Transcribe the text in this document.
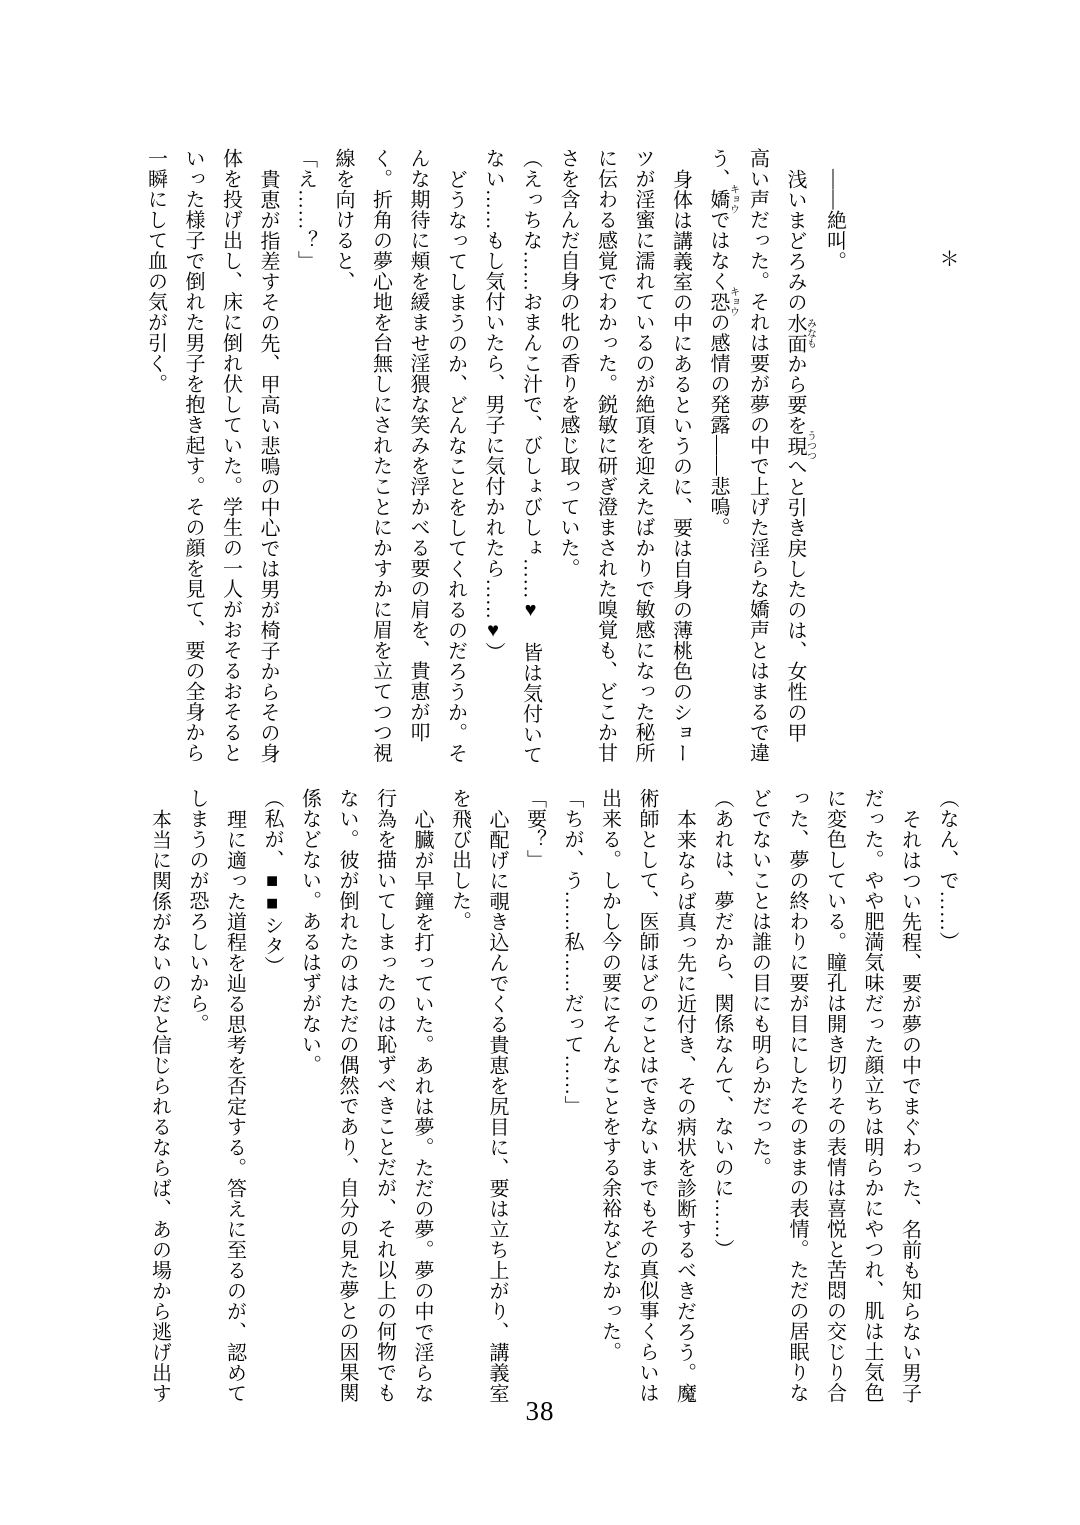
＊
——絶叫。
浅いまどろみの水面みなもから要を現うつつへと引き戻したのは、女性の甲
高い声だった。それは要が夢の中で上げた淫らな嬌声とはまるで違
う、嬌キョウではなく恐キョウの感情の発露——悲鳴。
身体は講義室の中にあるというのに、要は自身の薄桃色のショー
ツが淫蜜に濡れているのが絶頂を迎えたばかりで敏感になった秘所
に伝わる感覚でわかった。鋭敏に研ぎ澄まされた嗅覚も、どこか甘
さを含んだ自身の牝の香りを感じ取っていた。
（えっちな……おまんこ汁で、びしょびしょ……♥　皆は気付いて
ない……もし気付いたら、男子に気付かれたら……♥）
どうなってしまうのか、どんなことをしてくれるのだろうか。そ
んな期待に頬を緩ませ淫猥な笑みを浮かべる要の肩を、貴恵が叩
く。折角の夢心地を台無しにされたことにかすかに眉を立てつつ視
線を向けると、
「え……？」
貴恵が指差すその先、甲高い悲鳴の中心では男が椅子からその身
体を投げ出し、床に倒れ伏していた。学生の一人がおそるおそると
いった様子で倒れた男子を抱き起す。その顔を見て、要の全身から
一瞬にして血の気が引く。
（なん、で……）
それはつい先程、要が夢の中でまぐわった、名前も知らない男子
だった。やや肥満気味だった顔立ちは明らかにやつれ、肌は土気色
に変色している。瞳孔は開き切りその表情は喜悦と苦悶の交じり合
った、夢の終わりに要が目にしたそのままの表情。ただの居眠りな
どでないことは誰の目にも明らかだった。
（あれは、夢だから、関係なんて、ないのに……）
本来ならば真っ先に近付き、その病状を診断するべきだろう。魔
術師として、医師ほどのことはできないまでもその真似事くらいは
出来る。しかし今の要にそんなことをする余裕などなかった。
「ちが、う……私……だって……」
「要？」
心配げに覗き込んでくる貴恵を尻目に、要は立ち上がり、講義室
を飛び出した。
心臓が早鐘を打っていた。あれは夢。ただの夢。夢の中で淫らな
行為を描いてしまったのは恥ずべきことだが、それ以上の何物でも
ない。彼が倒れたのはただの偶然であり、自分の見た夢との因果関
係などない。あるはずがない。
（私が、■■シタ）
理に適った道程を辿る思考を否定する。答えに至るのが、認めて
しまうのが恐ろしいから。
本当に関係がないのだと信じられるならば、あの場から逃げ出す
38
